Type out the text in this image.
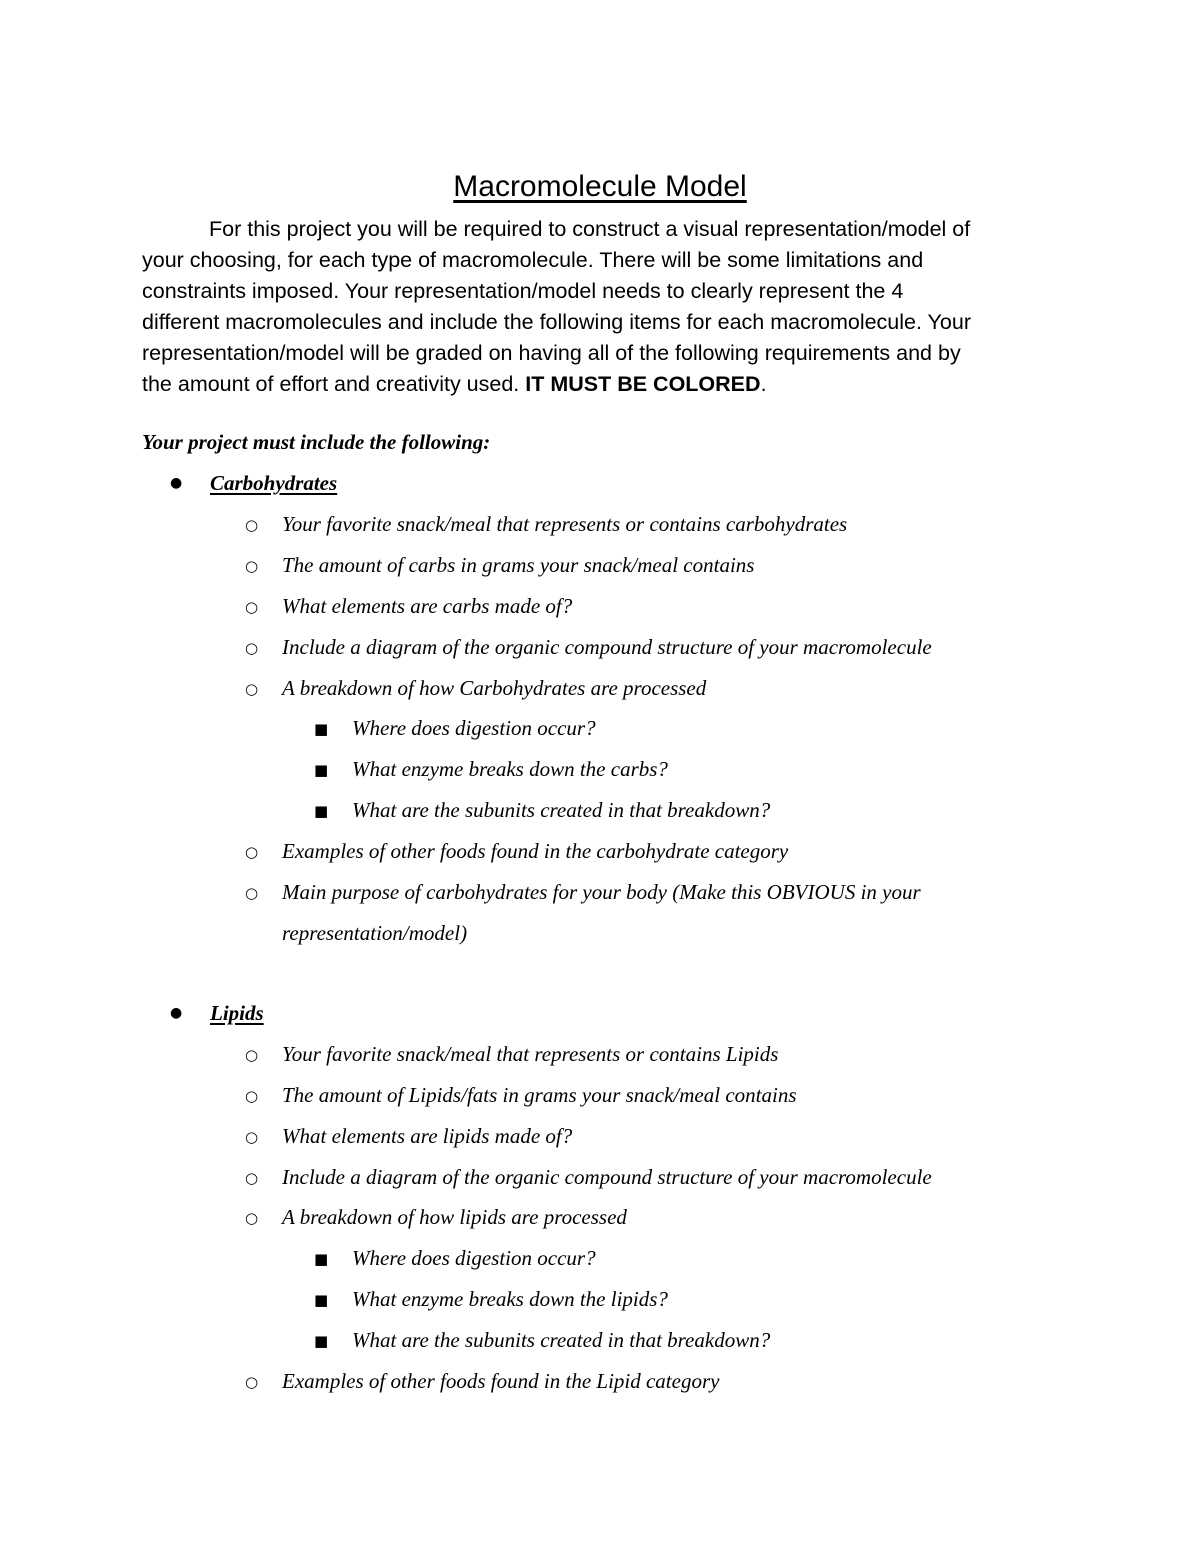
Macromolecule Model
For this project you will be required to construct a visual representation/model of
your choosing, for each type of macromolecule. There will be some limitations and
constraints imposed. Your representation/model needs to clearly represent the 4
different macromolecules and include the following items for each macromolecule. Your
representation/model will be graded on having all of the following requirements and by
the amount of effort and creativity used. IT MUST BE COLORED.
Your project must include the following:
● Carbohydrates
○ Your favorite snack/meal that represents or contains carbohydrates
○ The amount of carbs in grams your snack/meal contains
○ What elements are carbs made of?
○ Include a diagram of the organic compound structure of your macromolecule
○ A breakdown of how Carbohydrates are processed
■ Where does digestion occur?
■ What enzyme breaks down the carbs?
■ What are the subunits created in that breakdown?
○ Examples of other foods found in the carbohydrate category
○ Main purpose of carbohydrates for your body (Make this OBVIOUS in your
representation/model)
● Lipids
○ Your favorite snack/meal that represents or contains Lipids
○ The amount of Lipids/fats in grams your snack/meal contains
○ What elements are lipids made of?
○ Include a diagram of the organic compound structure of your macromolecule
○ A breakdown of how lipids are processed
■ Where does digestion occur?
■ What enzyme breaks down the lipids?
■ What are the subunits created in that breakdown?
○ Examples of other foods found in the Lipid category
